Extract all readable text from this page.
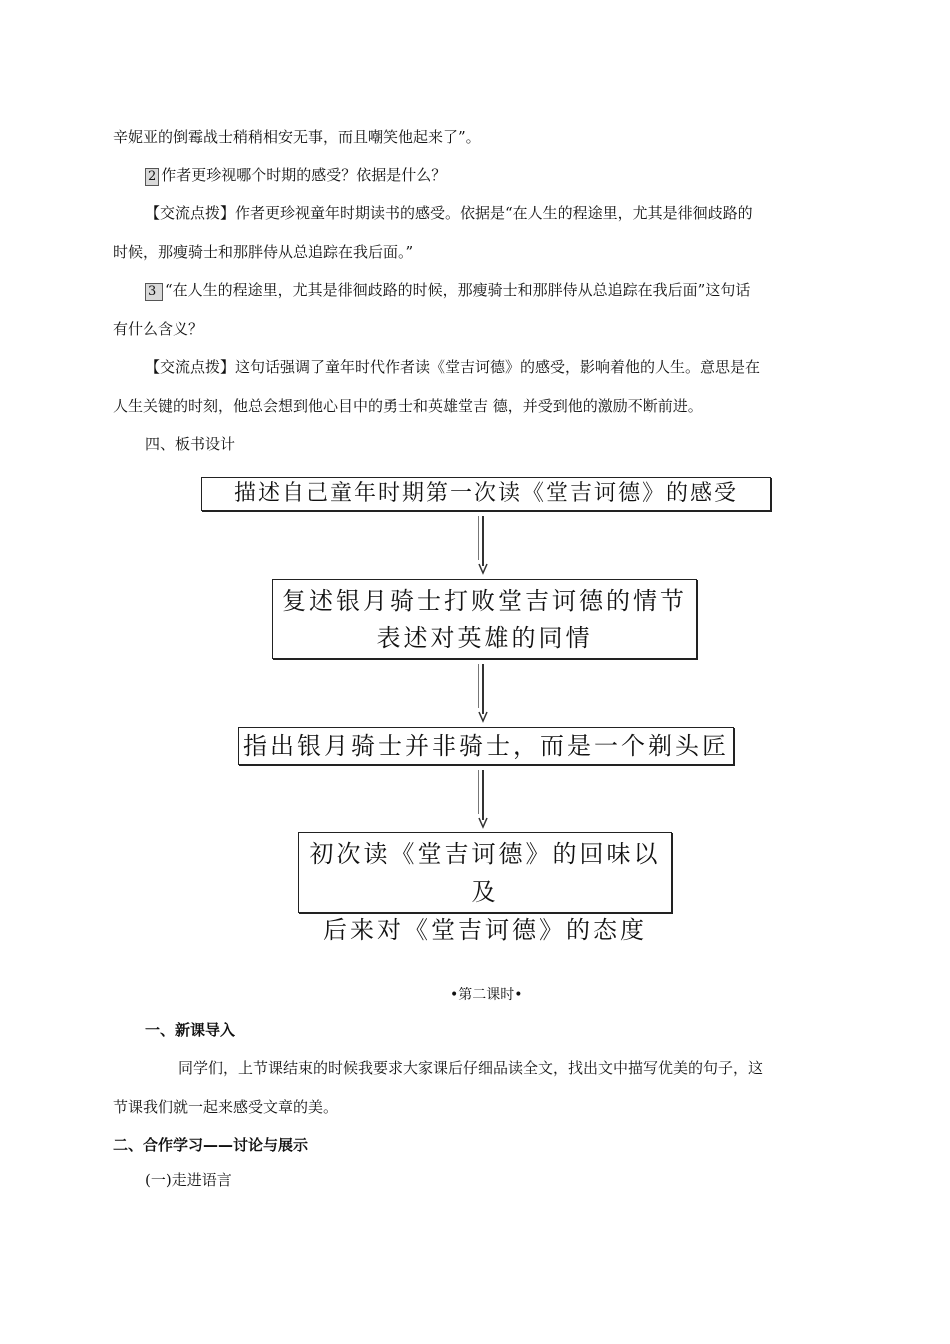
辛妮亚的倒霉战士稍稍相安无事，而且嘲笑他起来了”。
2 作者更珍视哪个时期的感受？依据是什么？
【交流点拨】作者更珍视童年时期读书的感受。依据是“在人生的程途里，尤其是徘徊歧路的
时候，那瘦骑士和那胖侍从总追踪在我后面。”
3 “在人生的程途里，尤其是徘徊歧路的时候，那瘦骑士和那胖侍从总追踪在我后面”这句话
有什么含义？
【交流点拨】这句话强调了童年时代作者读《堂吉诃德》的感受，影响着他的人生。意思是在
人生关键的时刻，他总会想到他心目中的勇士和英雄堂吉 德，并受到他的激励不断前进。
四、板书设计
描述自己童年时期第一次读《堂吉诃德》的感受
复述银月骑士打败堂吉诃德的情节
表述对英雄的同情
指出银月骑士并非骑士，而是一个剃头匠
初次读《堂吉诃德》的回味以及
后来对《堂吉诃德》的态度
•第二课时•
一、新课导入
同学们，上节课结束的时候我要求大家课后仔细品读全文，找出文中描写优美的句子，这
节课我们就一起来感受文章的美。
二、合作学习——讨论与展示
(一)走进语言
